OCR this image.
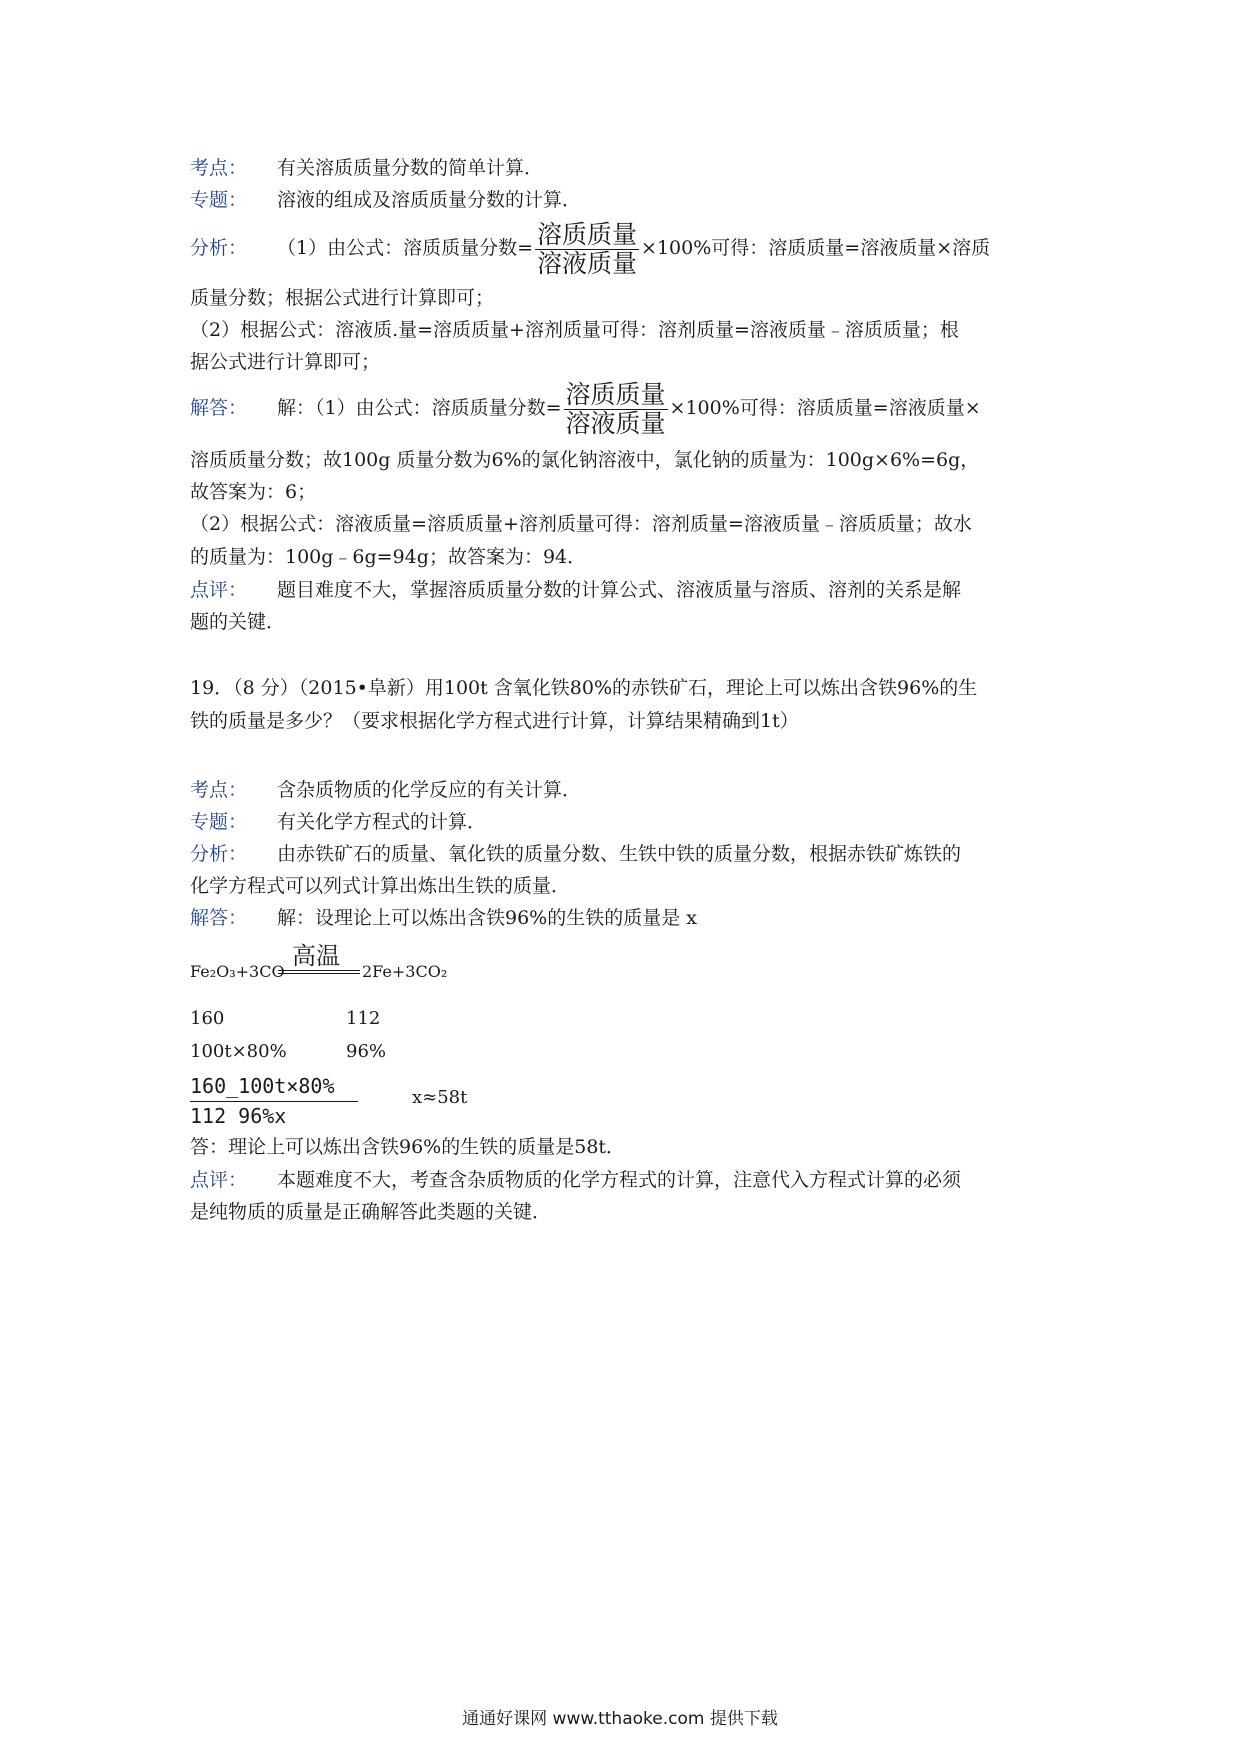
考点： 有关溶质质量分数的简单计算．
专题： 溶液的组成及溶质质量分数的计算．
分析： （1）由公式：溶质质量分数= $\frac{\text{溶质质量}}{\text{溶液质量}} \times 100\%$可得：溶质质量=溶液质量×溶质
质量分数；根据公式进行计算即可；
（2）根据公式：溶液质.量=溶质质量+溶剂质量可得：溶剂质量=溶液质量﹣溶质质量；根
据公式进行计算即可；
解答： 解：（1）由公式：溶质质量分数= $\frac{\text{溶质质量}}{\text{溶液质量}} \times 100\%$可得：溶质质量=溶液质量×
溶质质量分数；故100g 质量分数为6%的氯化钠溶液中，氯化钠的质量为：100g×6%=6g，
故答案为：6；
（2）根据公式：溶液质量=溶质质量+溶剂质量可得：溶剂质量=溶液质量﹣溶质质量；故水
的质量为：100g﹣6g=94g；故答案为：94．
点评： 题目难度不大，掌握溶质质量分数的计算公式、溶液质量与溶质、溶剂的关系是解
题的关键．
19．（8 分）（2015•阜新）用100t 含氧化铁80%的赤铁矿石，理论上可以炼出含铁96%的生
铁的质量是多少？（要求根据化学方程式进行计算，计算结果精确到1t）
考点： 含杂质物质的化学反应的有关计算．
专题： 有关化学方程式的计算．
分析： 由赤铁矿石的质量、氧化铁的质量分数、生铁中铁的质量分数，根据赤铁矿炼铁的
化学方程式可以列式计算出炼出生铁的质量．
解答： 解：设理论上可以炼出含铁96%的生铁的质量是 x
Fe₂O₃+3CO
高温
2Fe+3CO₂
160	112
100t×80%	96%
160_100t×80%
112 96%x
x≈58t
答：理论上可以炼出含铁96%的生铁的质量是58t．
点评： 本题难度不大，考查含杂质物质的化学方程式的计算，注意代入方程式计算的必须
是纯物质的质量是正确解答此类题的关键．
通通好课网 www.tthaoke.com 提供下载
